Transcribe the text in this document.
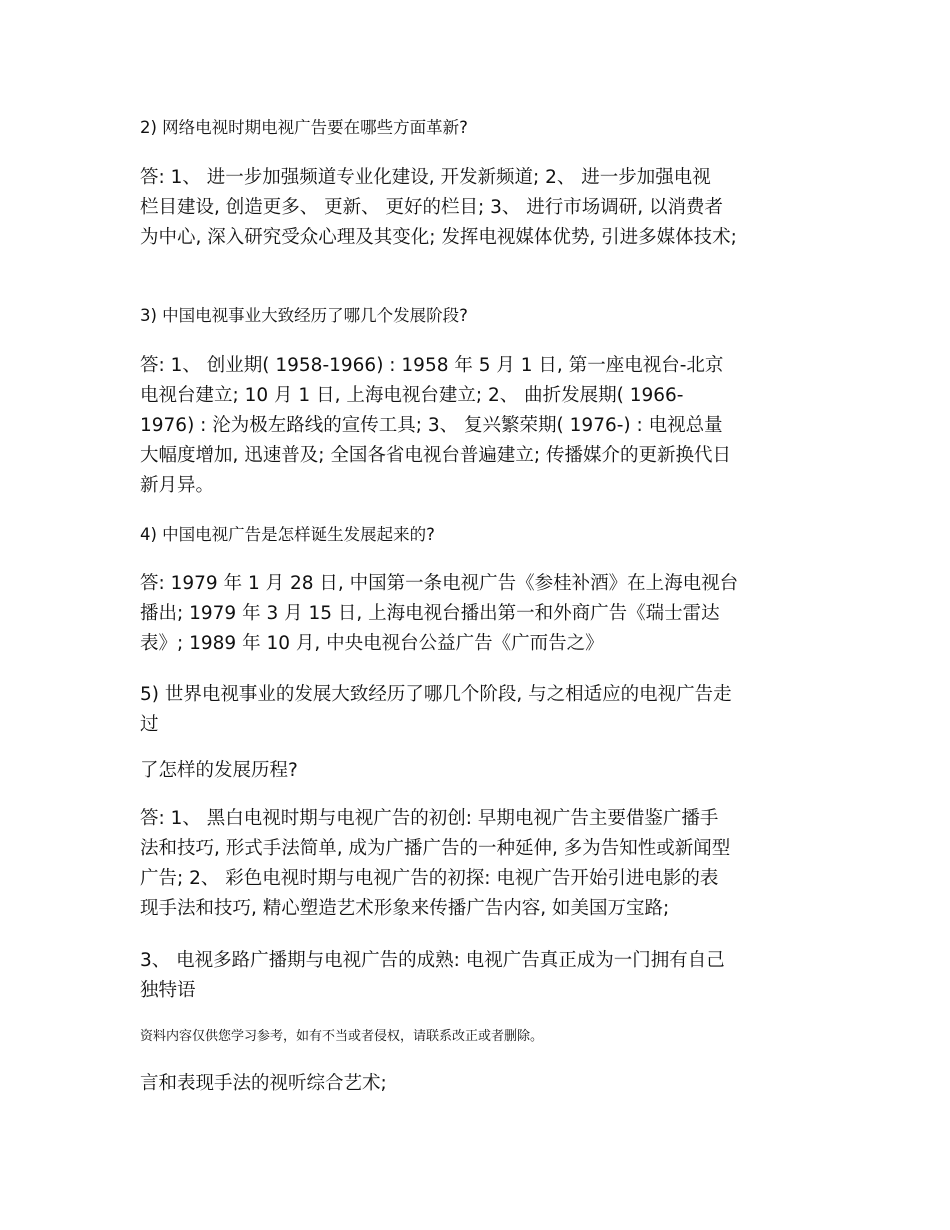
2) 网络电视时期电视广告要在哪些方面革新?

答: 1、 进一步加强频道专业化建设, 开发新频道; 2、 进一步加强电视
栏目建设, 创造更多、 更新、 更好的栏目; 3、 进行市场调研, 以消费者
为中心, 深入研究受众心理及其变化; 发挥电视媒体优势, 引进多媒体技术;

3) 中国电视事业大致经历了哪几个发展阶段?

答: 1、 创业期( 1958-1966) : 1958 年 5 月 1 日, 第一座电视台-北京
电视台建立; 10 月 1 日, 上海电视台建立; 2、 曲折发展期( 1966-
1976) : 沦为极左路线的宣传工具; 3、 复兴繁荣期( 1976-) : 电视总量
大幅度增加, 迅速普及; 全国各省电视台普遍建立; 传播媒介的更新换代日
新月异。

4) 中国电视广告是怎样诞生发展起来的?

答: 1979 年 1 月 28 日, 中国第一条电视广告《参桂补酒》在上海电视台
播出; 1979 年 3 月 15 日, 上海电视台播出第一和外商广告《瑞士雷达
表》; 1989 年 10 月, 中央电视台公益广告《广而告之》
5) 世界电视事业的发展大致经历了哪几个阶段, 与之相适应的电视广告走
过

了怎样的发展历程?

答: 1、 黑白电视时期与电视广告的初创: 早期电视广告主要借鉴广播手
法和技巧, 形式手法简单, 成为广播广告的一种延伸, 多为告知性或新闻型
广告; 2、 彩色电视时期与电视广告的初探: 电视广告开始引进电影的表
现手法和技巧, 精心塑造艺术形象来传播广告内容, 如美国万宝路;
3、 电视多路广播期与电视广告的成熟: 电视广告真正成为一门拥有自己
独特语

资料内容仅供您学习参考，如有不当或者侵权，请联系改正或者删除。

言和表现手法的视听综合艺术;
